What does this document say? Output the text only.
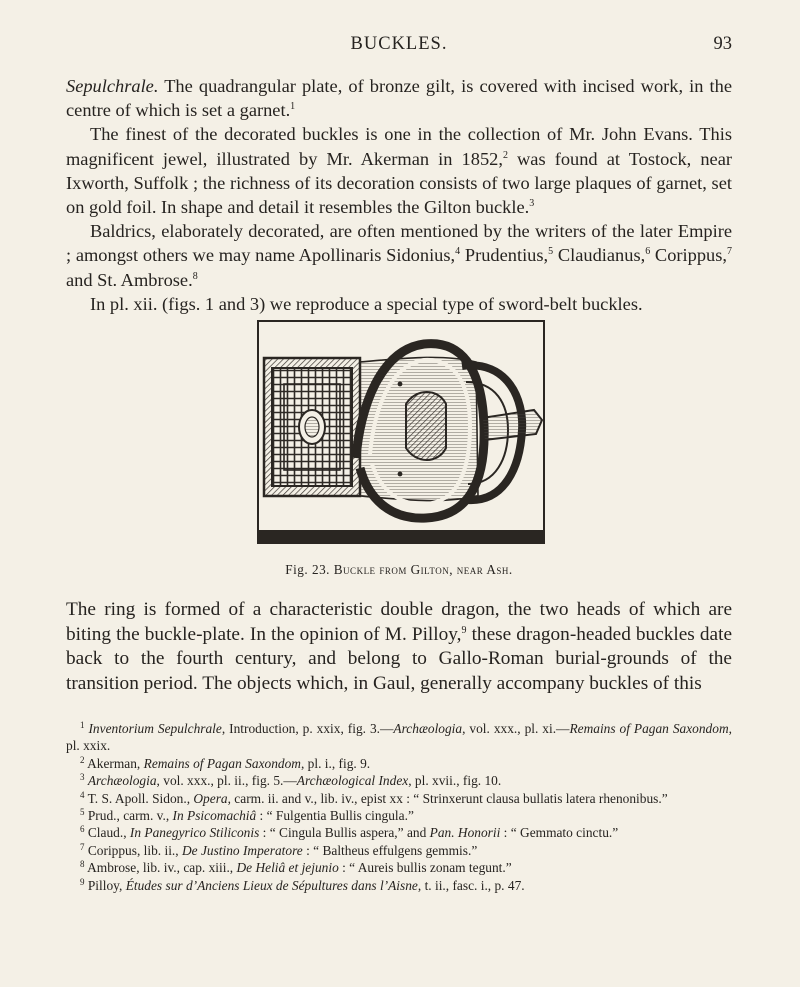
BUCKLES.	93

Sepulchrale. The quadrangular plate, of bronze gilt, is covered with incised work, in the centre of which is set a garnet.$^1$

The finest of the decorated buckles is one in the collection of Mr. John Evans. This magnificent jewel, illustrated by Mr. Akerman in 1852,$^2$ was found at Tostock, near Ixworth, Suffolk ; the richness of its decoration consists of two large plaques of garnet, set on gold foil. In shape and detail it resembles the Gilton buckle.$^3$

Baldrics, elaborately decorated, are often mentioned by the writers of the later Empire ; amongst others we may name Apollinaris Sidonius,$^4$ Prudentius,$^5$ Claudianus,$^6$ Corippus,$^7$ and St. Ambrose.$^8$

In pl. xii. (figs. 1 and 3) we reproduce a special type of sword-belt buckles.

Fig. 23. Buckle from Gilton, near Ash.

The ring is formed of a characteristic double dragon, the two heads of which are biting the buckle-plate. In the opinion of M. Pilloy,$^9$ these dragon-headed buckles date back to the fourth century, and belong to Gallo-Roman burial-grounds of the transition period. The objects which, in Gaul, generally accompany buckles of this

$^1$ Inventorium Sepulchrale, Introduction, p. xxix, fig. 3.—Archæologia, vol. xxx., pl. xi.—Remains of Pagan Saxondom, pl. xxix.

$^2$ Akerman, Remains of Pagan Saxondom, pl. i., fig. 9.

$^3$ Archæologia, vol. xxx., pl. ii., fig. 5.—Archæological Index, pl. xvii., fig. 10.

$^4$ T. S. Apoll. Sidon., Opera, carm. ii. and v., lib. iv., epist xx : “ Strinxerunt clausa bullatis latera rhenonibus.”

$^5$ Prud., carm. v., In Psicomachiâ : “ Fulgentia Bullis cingula.”

$^6$ Claud., In Panegyrico Stiliconis : “ Cingula Bullis aspera,” and Pan. Honorii : “ Gemmato cinctu.”

$^7$ Corippus, lib. ii., De Justino Imperatore : “ Baltheus effulgens gemmis.”

$^8$ Ambrose, lib. iv., cap. xiii., De Heliâ et jejunio : “ Aureis bullis zonam tegunt.”

$^9$ Pilloy, Études sur d’Anciens Lieux de Sépultures dans l’Aisne, t. ii., fasc. i., p. 47.
